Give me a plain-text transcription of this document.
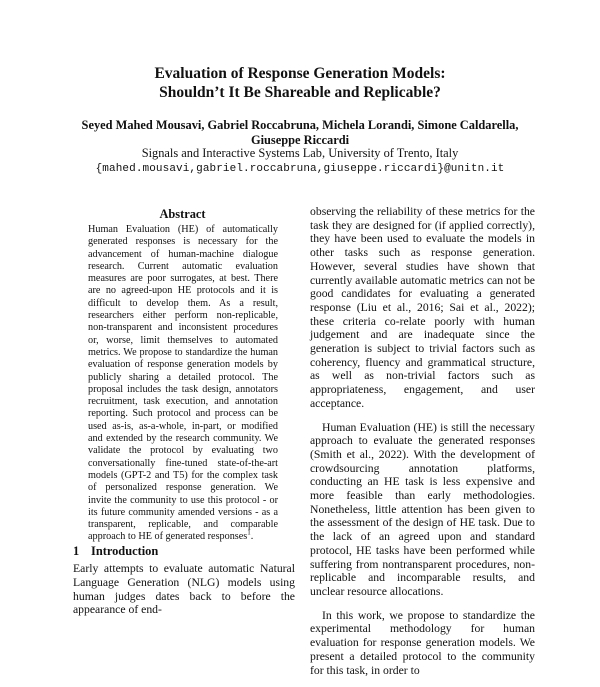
Evaluation of Response Generation Models:
Shouldn’t It Be Shareable and Replicable?
Seyed Mahed Mousavi, Gabriel Roccabruna, Michela Lorandi, Simone Caldarella,
Giuseppe Riccardi
Signals and Interactive Systems Lab, University of Trento, Italy
{mahed.mousavi,gabriel.roccabruna,giuseppe.riccardi}@unitn.it
Abstract
Human Evaluation (HE) of automatically generated responses is necessary for the advancement of human-machine dialogue research. Current automatic evaluation measures are poor surrogates, at best. There are no agreed-upon HE protocols and it is difficult to develop them. As a result, researchers either perform non-replicable, non-transparent and inconsistent procedures or, worse, limit themselves to automated metrics. We propose to standardize the human evaluation of response generation models by publicly sharing a detailed protocol. The proposal includes the task design, annotators recruitment, task execution, and annotation reporting. Such protocol and process can be used as-is, as-a-whole, in-part, or modified and extended by the research community. We validate the protocol by evaluating two conversationally fine-tuned state-of-the-art models (GPT-2 and T5) for the complex task of personalized response generation. We invite the community to use this protocol - or its future community amended versions - as a transparent, replicable, and comparable approach to HE of generated responses$^1$.
1 Introduction
Early attempts to evaluate automatic Natural Language Generation (NLG) models using human judges dates back to before the appearance of end-

observing the reliability of these metrics for the task they are designed for (if applied correctly), they have been used to evaluate the models in other tasks such as response generation. However, several studies have shown that currently available automatic metrics can not be good candidates for evaluating a generated response (Liu et al., 2016; Sai et al., 2022); these criteria co-relate poorly with human judgement and are inadequate since the generation is subject to trivial factors such as coherency, fluency and grammatical structure, as well as non-trivial factors such as appropriateness, engagement, and user acceptance.

Human Evaluation (HE) is still the necessary approach to evaluate the generated responses (Smith et al., 2022). With the development of crowdsourcing annotation platforms, conducting an HE task is less expensive and more feasible than early methodologies. Nonetheless, little attention has been given to the assessment of the design of HE task. Due to the lack of an agreed upon and standard protocol, HE tasks have been performed while suffering from nontransparent procedures, non-replicable and incomparable results, and unclear resource allocations.

In this work, we propose to standardize the experimental methodology for human evaluation for response generation models. We present a detailed protocol to the community for this task, in order to
